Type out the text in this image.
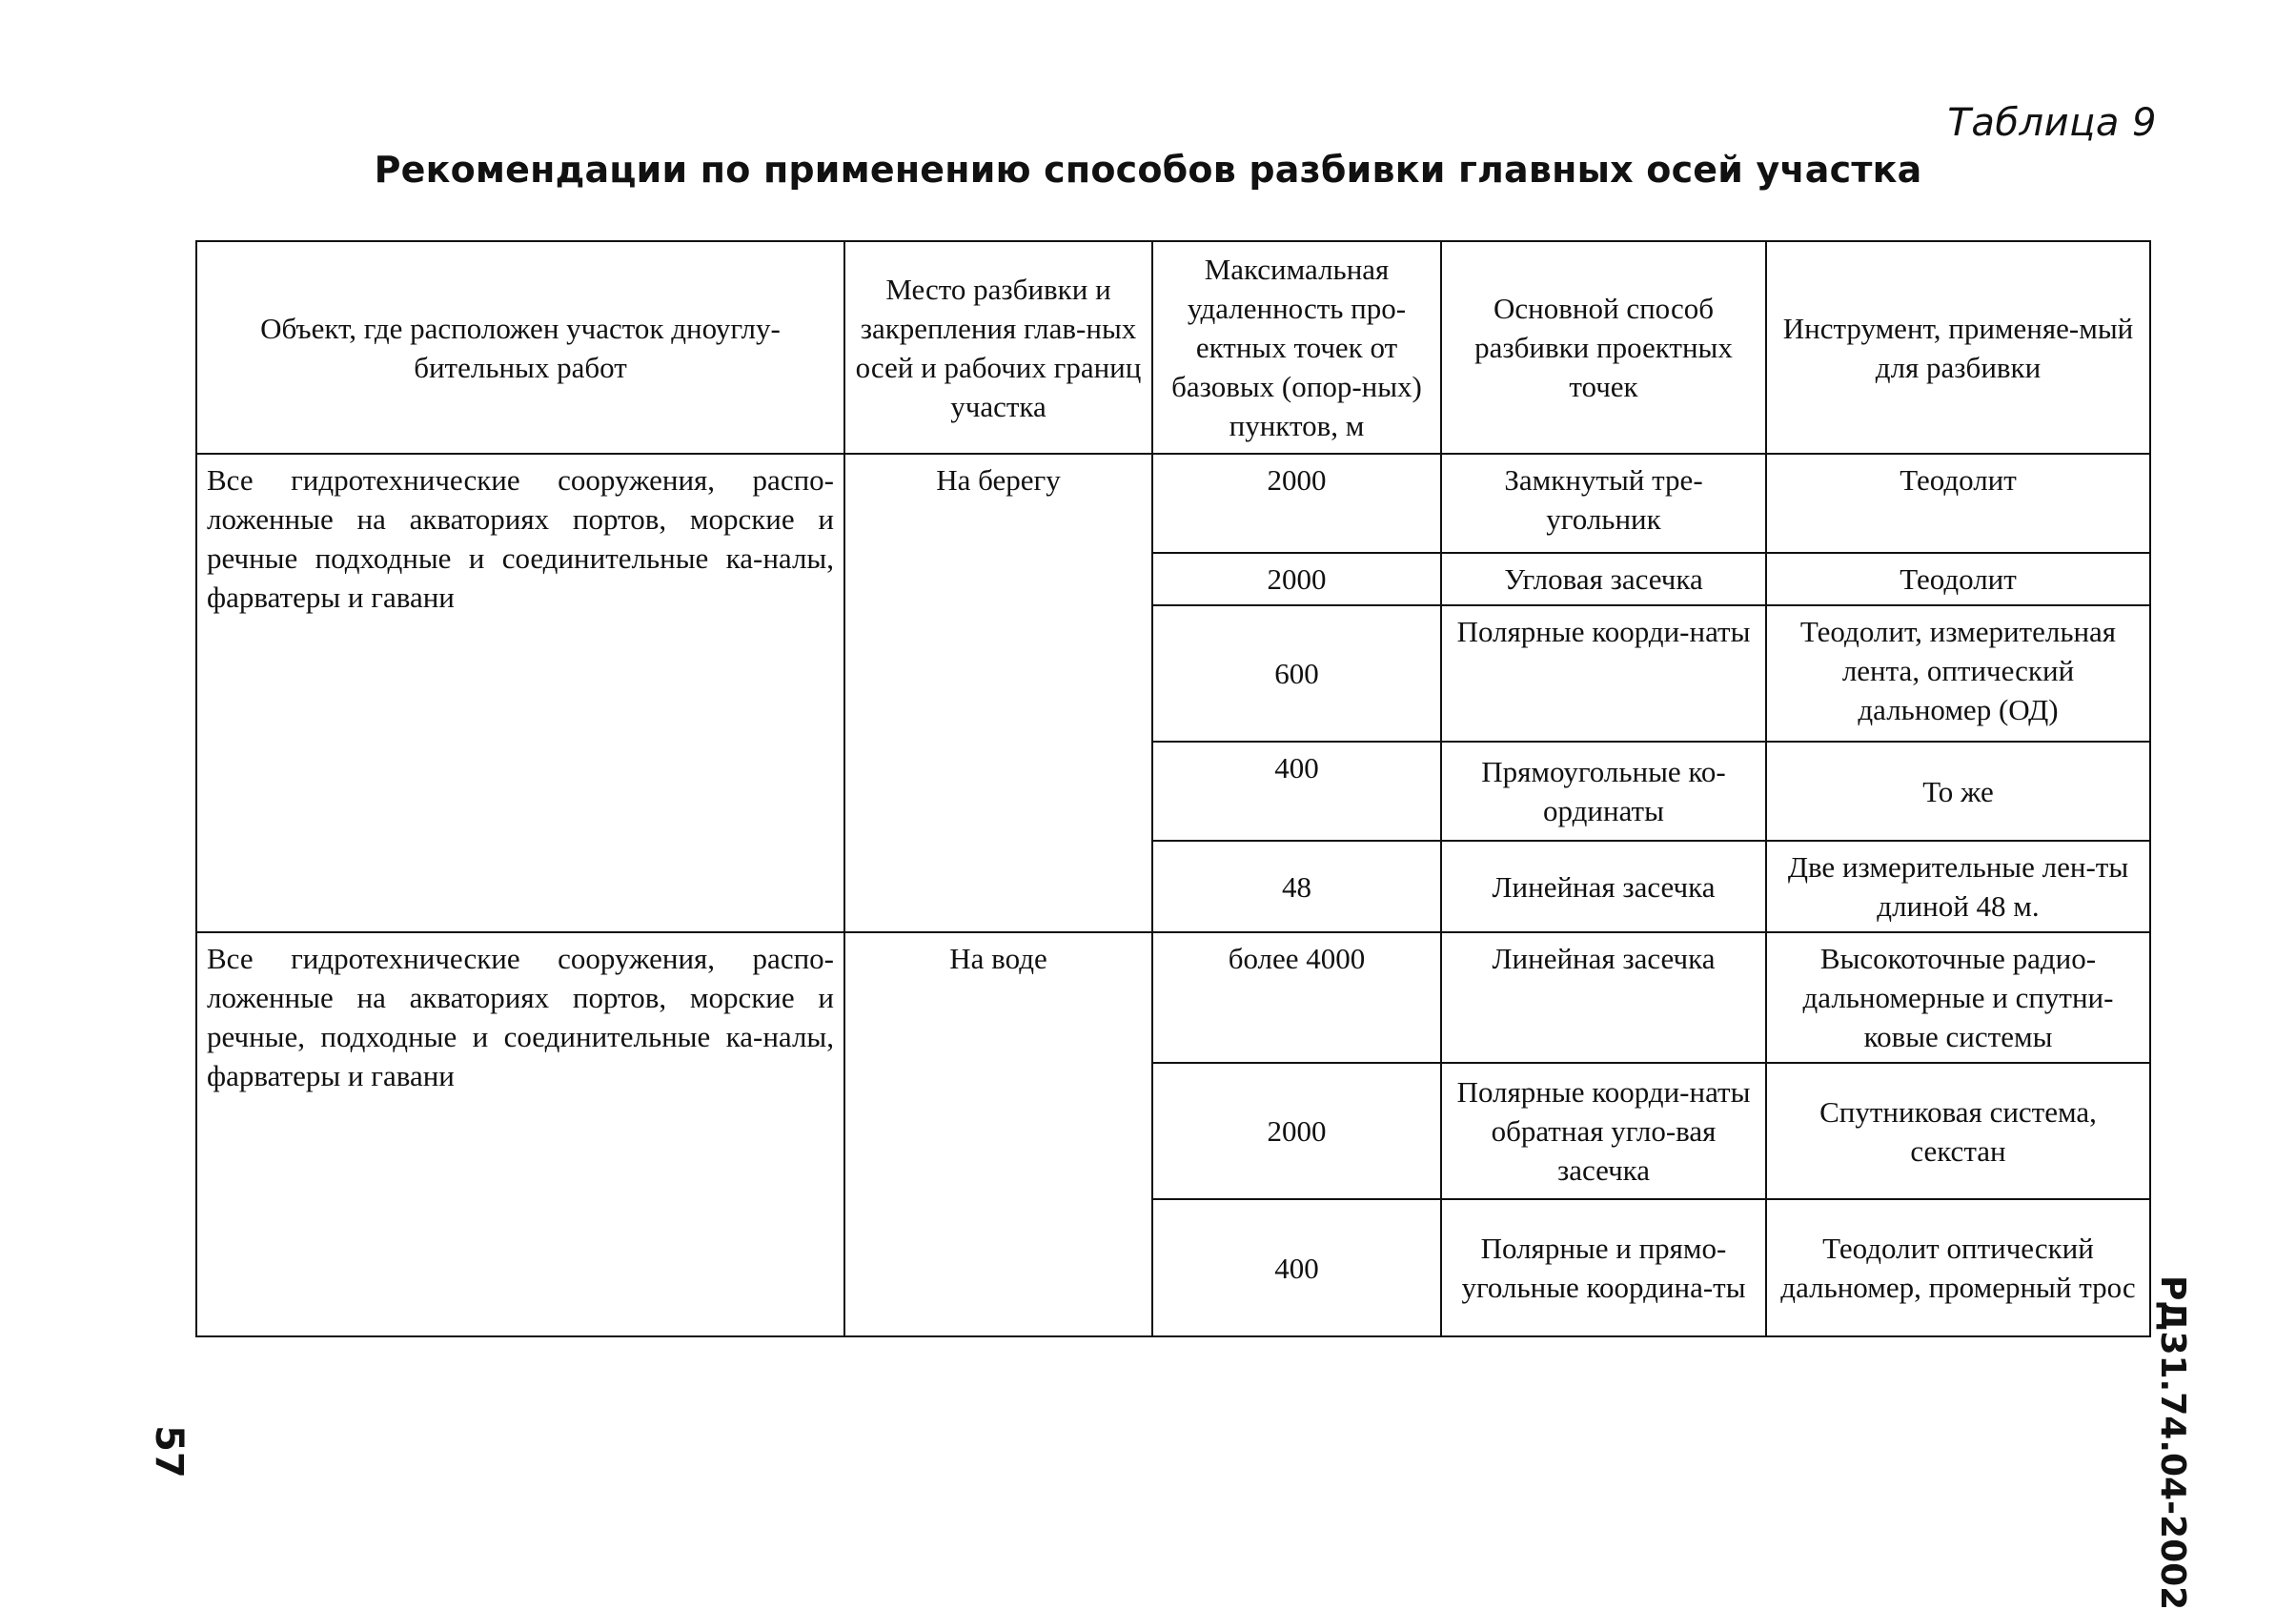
Таблица 9
Рекомендации по применению способов разбивки главных осей участка
Объект, где расположен участок дноуглу-бительных работ	Место разбивки и закрепления глав-ных осей и рабочих границ участка	Максимальная удаленность про-ектных точек от базовых (опор-ных) пунктов, м	Основной способ разбивки проектных точек	Инструмент, применяе-мый для разбивки
Все гидротехнические сооружения, распо-ложенные на акваториях портов, морские и речные подходные и соединительные ка-налы, фарватеры и гавани	На берегу	2000	Замкнутый тре-угольник	Теодолит
		2000	Угловая засечка	Теодолит
		600	Полярные коорди-наты	Теодолит, измерительная лента, оптический дальномер (ОД)
		400	Прямоугольные ко-ординаты	То же
		48	Линейная засечка	Две измерительные лен-ты длиной 48 м.
Все гидротехнические сооружения, распо-ложенные на акваториях портов, морские и речные, подходные и соединительные ка-налы, фарватеры и гавани	На воде	более 4000	Линейная засечка	Высокоточные радио-дальномерные и спутни-ковые системы
		2000	Полярные коорди-наты обратная угло-вая засечка	Спутниковая система, секстан
		400	Полярные и прямо-угольные координа-ты	Теодолит оптический дальномер, промерный трос
57	РД31.74.04-2002
